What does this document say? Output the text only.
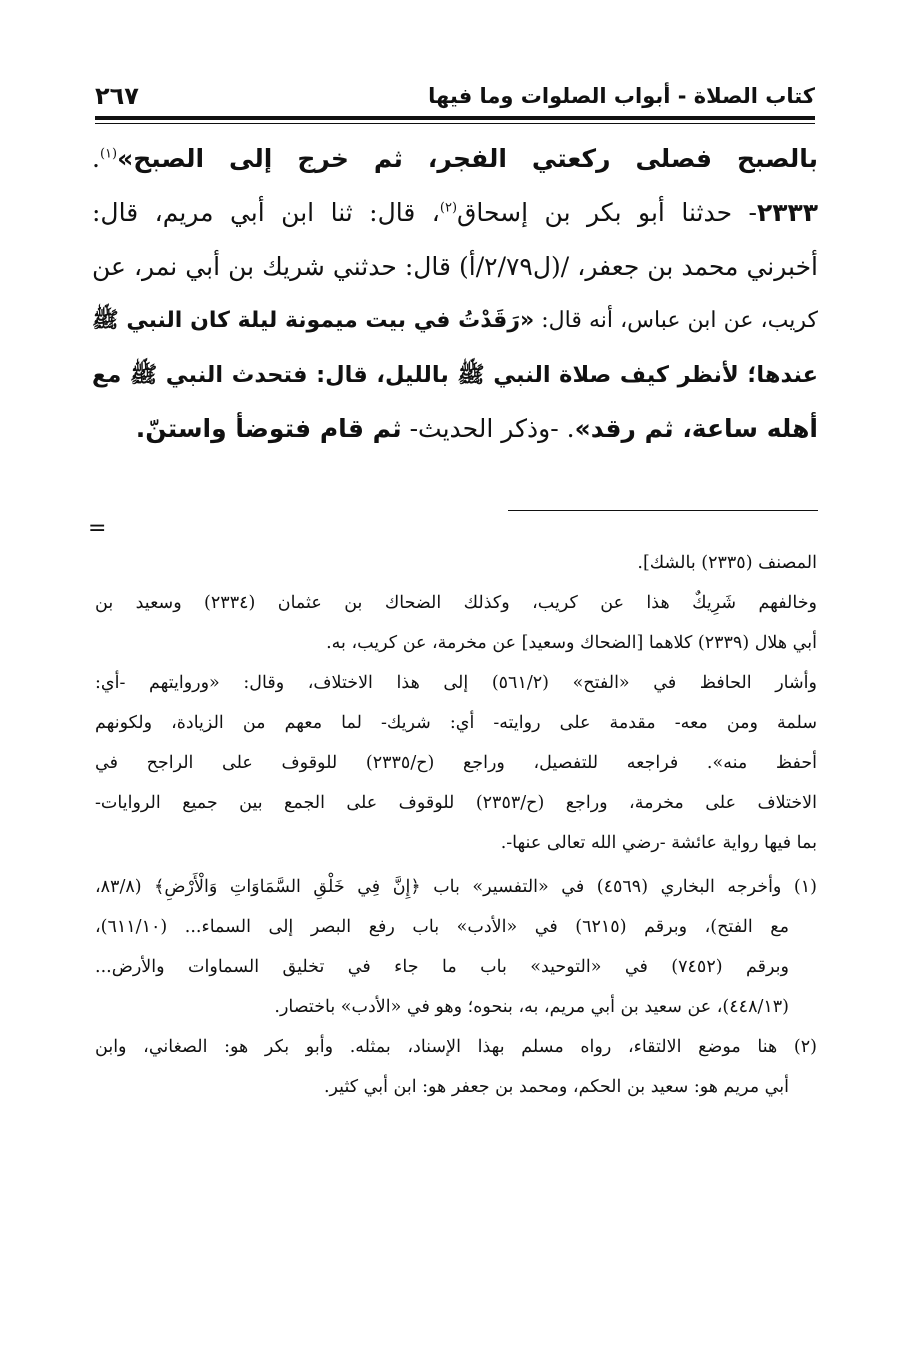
كتاب الصلاة - أبواب الصلوات وما فيها
٢٦٧
بالصبح فصلى ركعتي الفجر، ثم خرج إلى الصبح»$^{(١)}$.
٢٣٣٣- حدثنا أبو بكر بن إسحاق$^{(٢)}$، قال: ثنا ابن أبي مريم، قال:
أخبرني محمد بن جعفر، /(ل٢/٧٩/أ) قال: حدثني شريك بن أبي نمر، عن
كريب، عن ابن عباس، أنه قال: «رَقَدْتُ في بيت ميمونة ليلة كان النبي ﷺ
عندها؛ لأنظر كيف صلاة النبي ﷺ بالليل، قال: فتحدث النبي ﷺ مع
أهله ساعة، ثم رقد». -وذكر الحديث- ثم قام فتوضأ واستنّ.
=
المصنف (٢٣٣٥) بالشك].
وخالفهم شَرِيكٌ هذا عن كريب، وكذلك الضحاك بن عثمان (٢٣٣٤) وسعيد بن
أبي هلال (٢٣٣٩) كلاهما [الضحاك وسعيد] عن مخرمة، عن كريب، به.
وأشار الحافظ في «الفتح» (٥٦١/٢) إلى هذا الاختلاف، وقال: «وروايتهم -أي:
سلمة ومن معه- مقدمة على روايته- أي: شريك- لما معهم من الزيادة، ولكونهم
أحفظ منه». فراجعه للتفصيل، وراجع (ح/٢٣٣٥) للوقوف على الراجح في
الاختلاف على مخرمة، وراجع (ح/٢٣٥٣) للوقوف على الجمع بين جميع الروايات-
بما فيها رواية عائشة -رضي الله تعالى عنها-.
(١) وأخرجه البخاري (٤٥٦٩) في «التفسير» باب ﴿إِنَّ فِي خَلْقِ السَّمَاوَاتِ وَالْأَرْضِ﴾ (٨٣/٨،
مع الفتح)، وبرقم (٦٢١٥) في «الأدب» باب رفع البصر إلى السماء... (٦١١/١٠)،
وبرقم (٧٤٥٢) في «التوحيد» باب ما جاء في تخليق السماوات والأرض...
(٤٤٨/١٣)، عن سعيد بن أبي مريم، به، بنحوه؛ وهو في «الأدب» باختصار.
(٢) هنا موضع الالتقاء، رواه مسلم بهذا الإسناد، بمثله. وأبو بكر هو: الصغاني، وابن
أبي مريم هو: سعيد بن الحكم، ومحمد بن جعفر هو: ابن أبي كثير.
